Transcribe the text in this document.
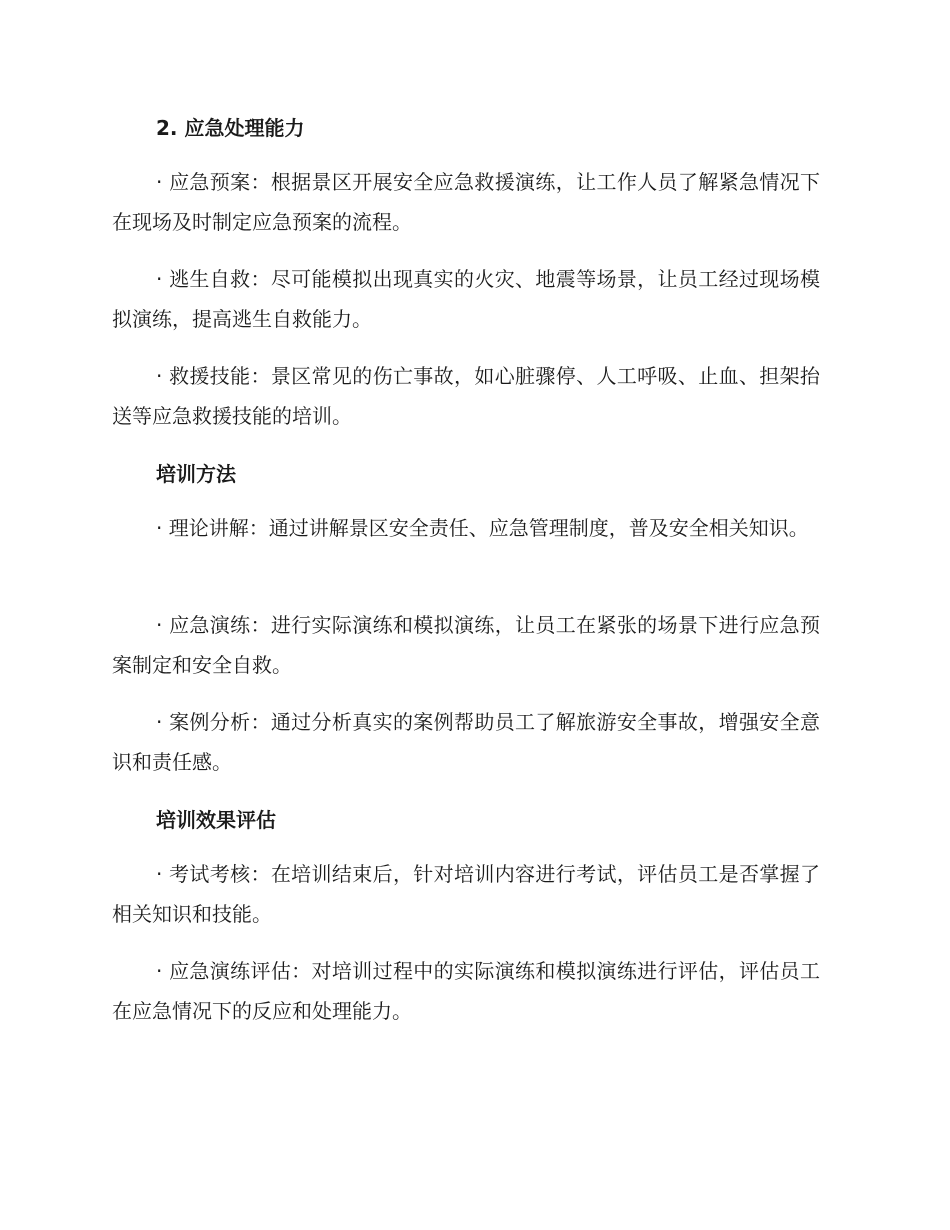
2. 应急处理能力

· 应急预案：根据景区开展安全应急救援演练，让工作人员了解紧急情况下在现场及时制定应急预案的流程。

· 逃生自救：尽可能模拟出现真实的火灾、地震等场景，让员工经过现场模拟演练，提高逃生自救能力。

· 救援技能：景区常见的伤亡事故，如心脏骤停、人工呼吸、止血、担架抬送等应急救援技能的培训。

培训方法

· 理论讲解：通过讲解景区安全责任、应急管理制度，普及安全相关知识。

· 应急演练：进行实际演练和模拟演练，让员工在紧张的场景下进行应急预案制定和安全自救。

· 案例分析：通过分析真实的案例帮助员工了解旅游安全事故，增强安全意识和责任感。

培训效果评估

· 考试考核：在培训结束后，针对培训内容进行考试，评估员工是否掌握了相关知识和技能。

· 应急演练评估：对培训过程中的实际演练和模拟演练进行评估，评估员工在应急情况下的反应和处理能力。
